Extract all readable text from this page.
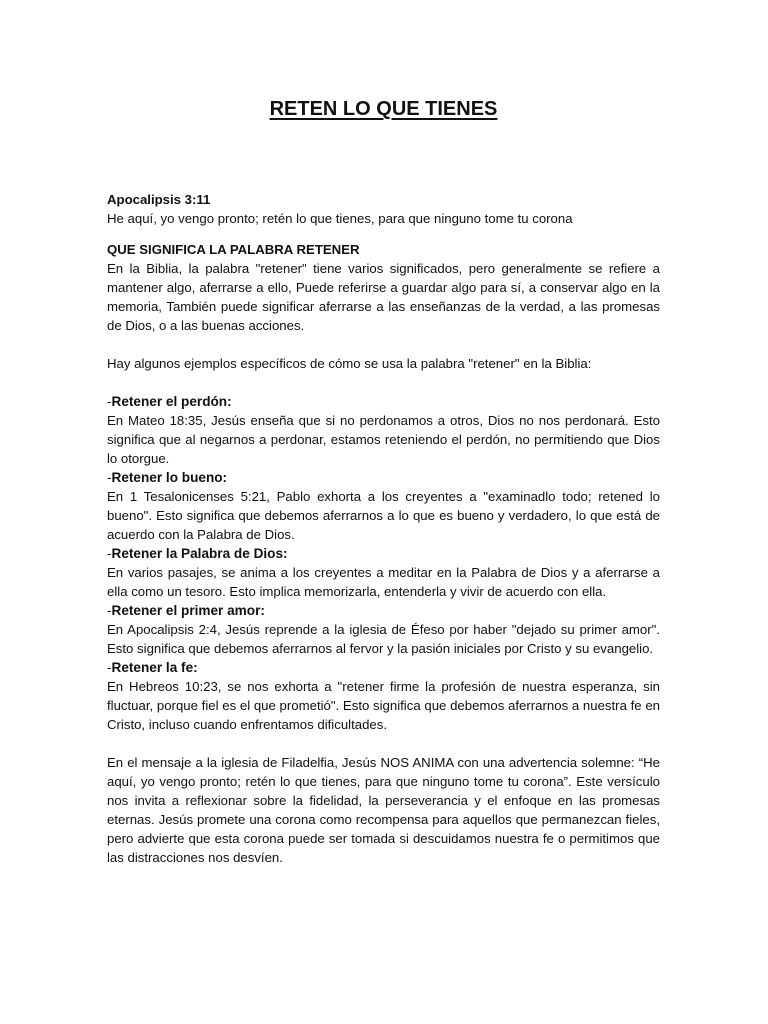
RETEN LO QUE TIENES
Apocalipsis 3:11

He aquí, yo vengo pronto; retén lo que tienes, para que ninguno tome tu corona

QUE SIGNIFICA LA PALABRA RETENER

En la Biblia, la palabra "retener" tiene varios significados, pero generalmente se refiere a mantener algo, aferrarse a ello, Puede referirse a guardar algo para sí, a conservar algo en la memoria, También puede significar aferrarse a las enseñanzas de la verdad, a las promesas de Dios, o a las buenas acciones.

Hay algunos ejemplos específicos de cómo se usa la palabra "retener" en la Biblia:

-Retener el perdón:

En Mateo 18:35, Jesús enseña que si no perdonamos a otros, Dios no nos perdonará. Esto significa que al negarnos a perdonar, estamos reteniendo el perdón, no permitiendo que Dios lo otorgue.

-Retener lo bueno:

En 1 Tesalonicenses 5:21, Pablo exhorta a los creyentes a "examinadlo todo; retened lo bueno". Esto significa que debemos aferrarnos a lo que es bueno y verdadero, lo que está de acuerdo con la Palabra de Dios.

-Retener la Palabra de Dios:

En varios pasajes, se anima a los creyentes a meditar en la Palabra de Dios y a aferrarse a ella como un tesoro. Esto implica memorizarla, entenderla y vivir de acuerdo con ella.

-Retener el primer amor:

En Apocalipsis 2:4, Jesús reprende a la iglesia de Éfeso por haber "dejado su primer amor". Esto significa que debemos aferrarnos al fervor y la pasión iniciales por Cristo y su evangelio.

-Retener la fe:

En Hebreos 10:23, se nos exhorta a "retener firme la profesión de nuestra esperanza, sin fluctuar, porque fiel es el que prometió". Esto significa que debemos aferrarnos a nuestra fe en Cristo, incluso cuando enfrentamos dificultades.

En el mensaje a la iglesia de Filadelfia, Jesús NOS ANIMA con una advertencia solemne: “He aquí, yo vengo pronto; retén lo que tienes, para que ninguno tome tu corona”. Este versículo nos invita a reflexionar sobre la fidelidad, la perseverancia y el enfoque en las promesas eternas. Jesús promete una corona como recompensa para aquellos que permanezcan fieles, pero advierte que esta corona puede ser tomada si descuidamos nuestra fe o permitimos que las distracciones nos desvíen.
